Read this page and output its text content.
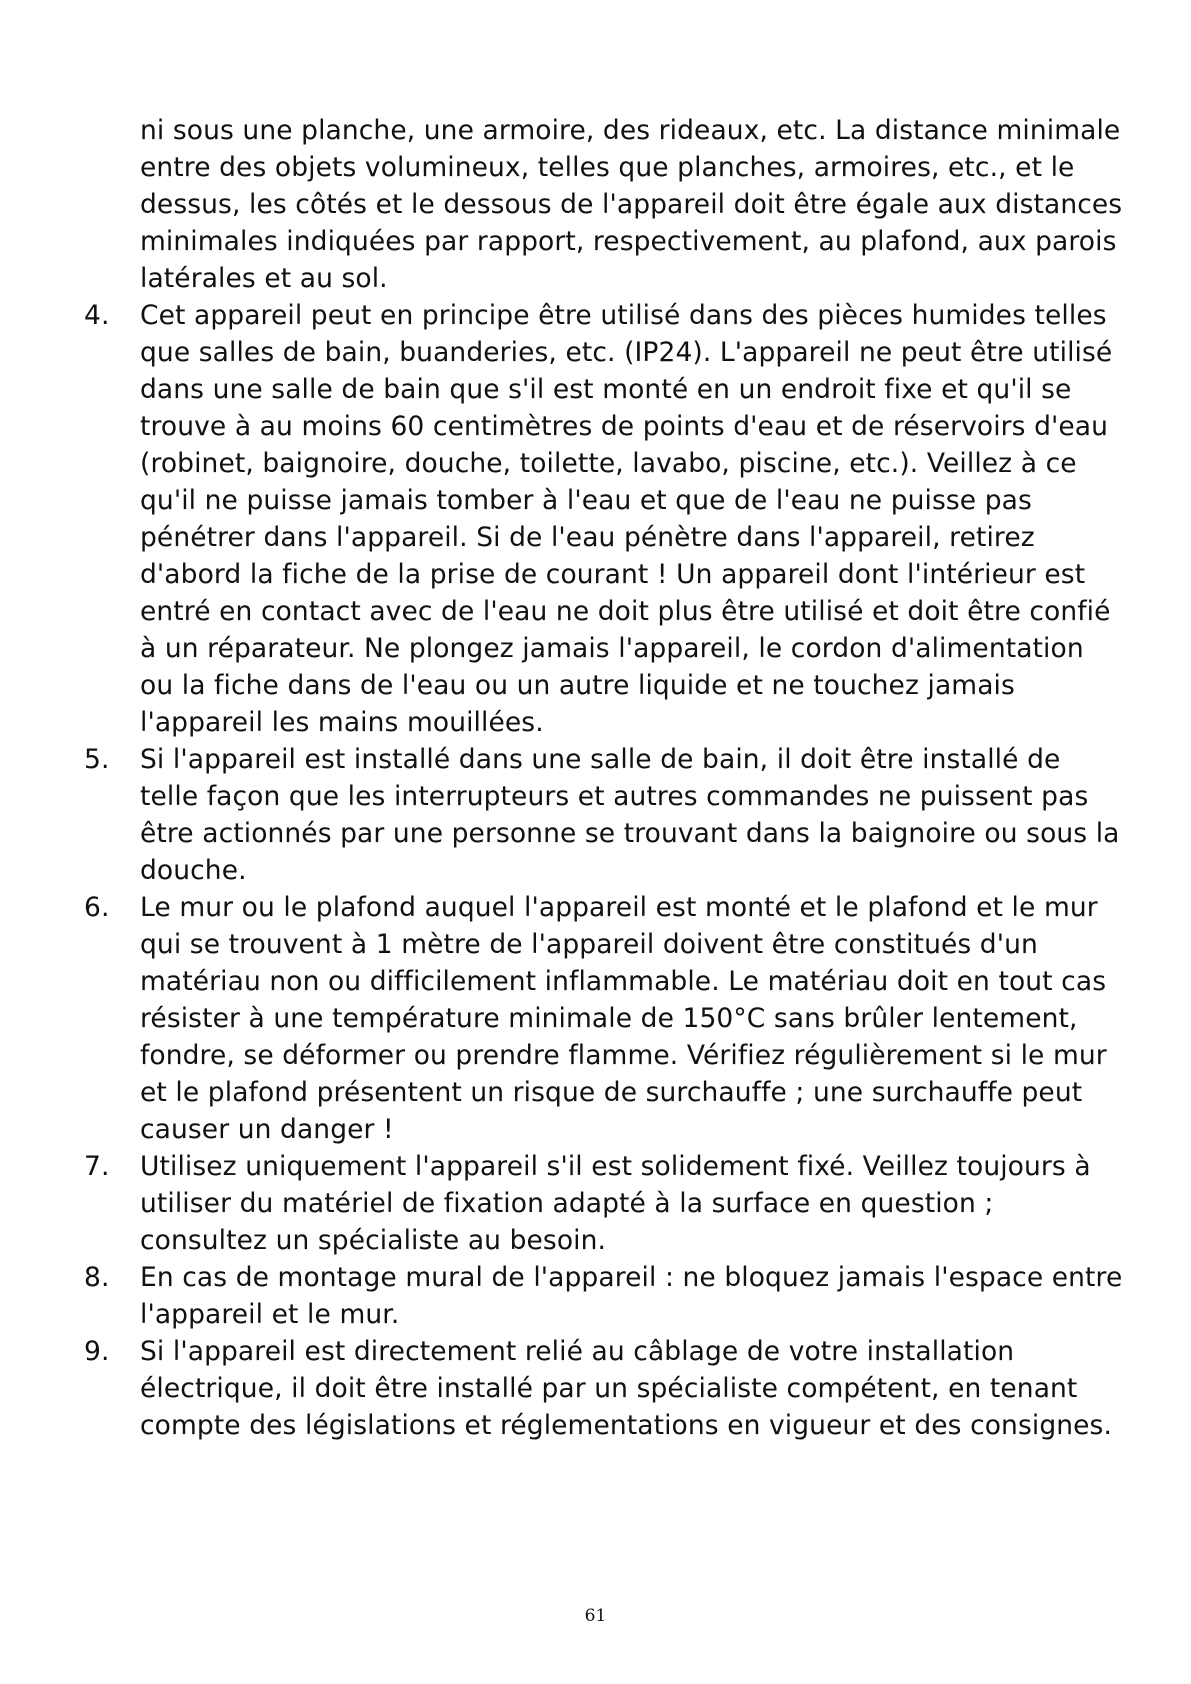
ni sous une planche, une armoire, des rideaux, etc. La distance minimale entre des objets volumineux, telles que planches, armoires, etc., et le dessus, les côtés et le dessous de l'appareil doit être égale aux distances minimales indiquées par rapport, respectivement, au plafond, aux parois latérales et au sol.

4.	Cet appareil peut en principe être utilisé dans des pièces humides telles que salles de bain, buanderies, etc. (IP24). L'appareil ne peut être utilisé dans une salle de bain que s'il est monté en un endroit fixe et qu'il se trouve à au moins 60 centimètres de points d'eau et de réservoirs d'eau (robinet, baignoire, douche, toilette, lavabo, piscine, etc.). Veillez à ce qu'il ne puisse jamais tomber à l'eau et que de l'eau ne puisse pas pénétrer dans l'appareil. Si de l'eau pénètre dans l'appareil, retirez d'abord la fiche de la prise de courant ! Un appareil dont l'intérieur est entré en contact avec de l'eau ne doit plus être utilisé et doit être confié à un réparateur. Ne plongez jamais l'appareil, le cordon d'alimentation ou la fiche dans de l'eau ou un autre liquide et ne touchez jamais l'appareil les mains mouillées.
5.	Si l'appareil est installé dans une salle de bain, il doit être installé de telle façon que les interrupteurs et autres commandes ne puissent pas être actionnés par une personne se trouvant dans la baignoire ou sous la douche.
6.	Le mur ou le plafond auquel l'appareil est monté et le plafond et le mur qui se trouvent à 1 mètre de l'appareil doivent être constitués d'un matériau non ou difficilement inflammable. Le matériau doit en tout cas résister à une température minimale de 150°C sans brûler lentement, fondre, se déformer ou prendre flamme. Vérifiez régulièrement si le mur et le plafond présentent un risque de surchauffe ; une surchauffe peut causer un danger !
7.	Utilisez uniquement l'appareil s'il est solidement fixé. Veillez toujours à utiliser du matériel de fixation adapté à la surface en question ; consultez un spécialiste au besoin.
8.	En cas de montage mural de l'appareil : ne bloquez jamais l'espace entre l'appareil et le mur.
9.	Si l'appareil est directement relié au câblage de votre installation électrique, il doit être installé par un spécialiste compétent, en tenant compte des législations et réglementations en vigueur et des consignes.
61
